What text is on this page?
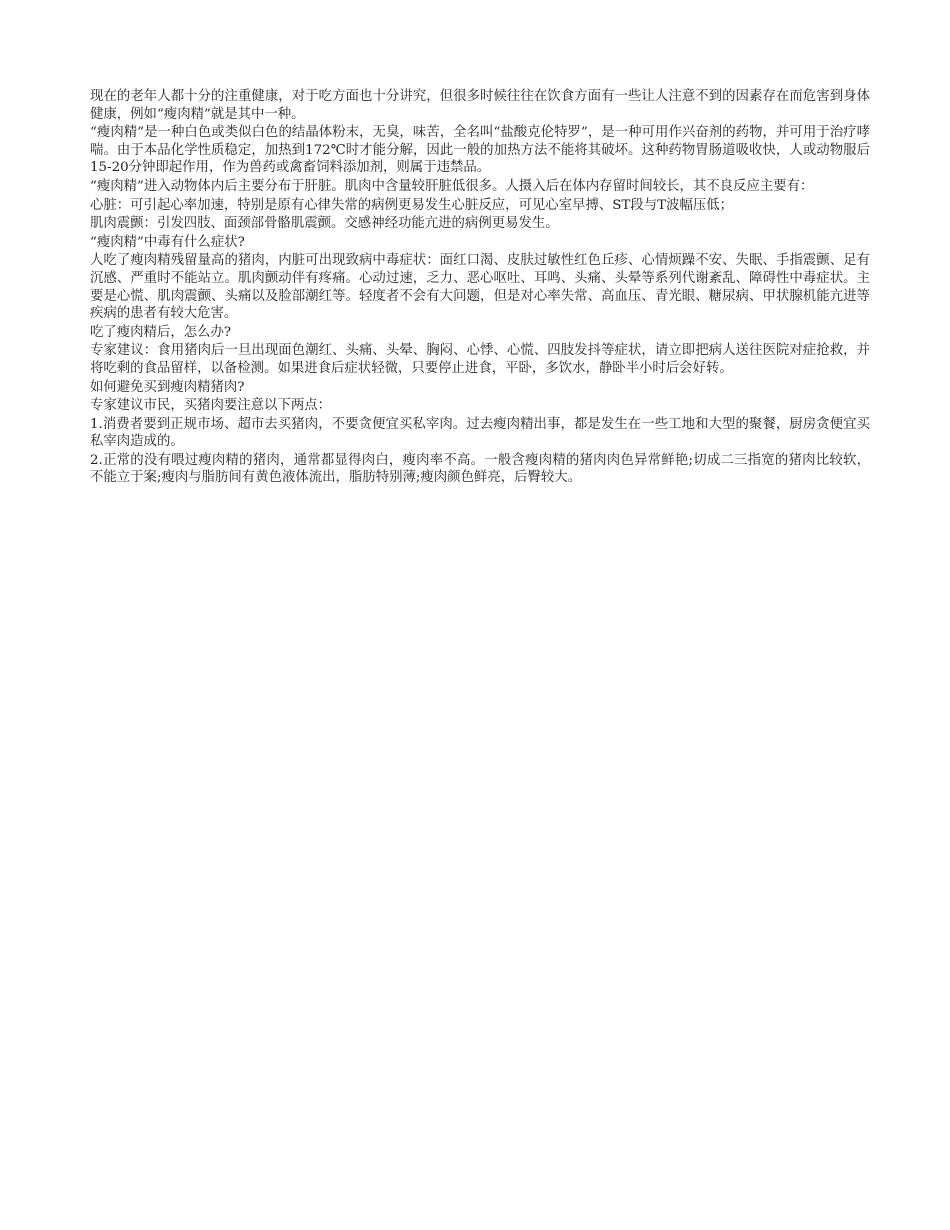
现在的老年人都十分的注重健康，对于吃方面也十分讲究，但很多时候往往在饮食方面有一些让人注意不到的因素存在而危害到身体健康，例如“瘦肉精”就是其中一种。

“瘦肉精”是一种白色或类似白色的结晶体粉末，无臭，味苦，全名叫“盐酸克伦特罗”，是一种可用作兴奋剂的药物，并可用于治疗哮喘。由于本品化学性质稳定，加热到172℃时才能分解，因此一般的加热方法不能将其破坏。这种药物胃肠道吸收快，人或动物服后15-20分钟即起作用，作为兽药或禽畜饲料添加剂，则属于违禁品。

“瘦肉精”进入动物体内后主要分布于肝脏。肌肉中含量较肝脏低很多。人摄入后在体内存留时间较长，其不良反应主要有：

心脏：可引起心率加速，特别是原有心律失常的病例更易发生心脏反应，可见心室早搏、ST段与T波幅压低；

肌肉震颤：引发四肢、面颈部骨骼肌震颤。交感神经功能亢进的病例更易发生。

“瘦肉精”中毒有什么症状?

人吃了瘦肉精残留量高的猪肉，内脏可出现致病中毒症状：面红口渴、皮肤过敏性红色丘疹、心情烦躁不安、失眠、手指震颤、足有沉感、严重时不能站立。肌肉颤动伴有疼痛。心动过速，乏力、恶心呕吐、耳鸣、头痛、头晕等系列代谢紊乱、障碍性中毒症状。主要是心慌、肌肉震颤、头痛以及脸部潮红等。轻度者不会有大问题，但是对心率失常、高血压、青光眼、糖尿病、甲状腺机能亢进等疾病的患者有较大危害。

吃了瘦肉精后，怎么办?

专家建议：食用猪肉后一旦出现面色潮红、头痛、头晕、胸闷、心悸、心慌、四肢发抖等症状，请立即把病人送往医院对症抢救，并将吃剩的食品留样，以备检测。如果进食后症状轻微，只要停止进食，平卧，多饮水，静卧半小时后会好转。

如何避免买到瘦肉精猪肉?

专家建议市民，买猪肉要注意以下两点：

1.消费者要到正规市场、超市去买猪肉，不要贪便宜买私宰肉。过去瘦肉精出事，都是发生在一些工地和大型的聚餐，厨房贪便宜买私宰肉造成的。

2.正常的没有喂过瘦肉精的猪肉，通常都显得肉白，瘦肉率不高。一般含瘦肉精的猪肉肉色异常鲜艳;切成二三指宽的猪肉比较软，不能立于案;瘦肉与脂肪间有黄色液体流出，脂肪特别薄;瘦肉颜色鲜亮，后臀较大。
